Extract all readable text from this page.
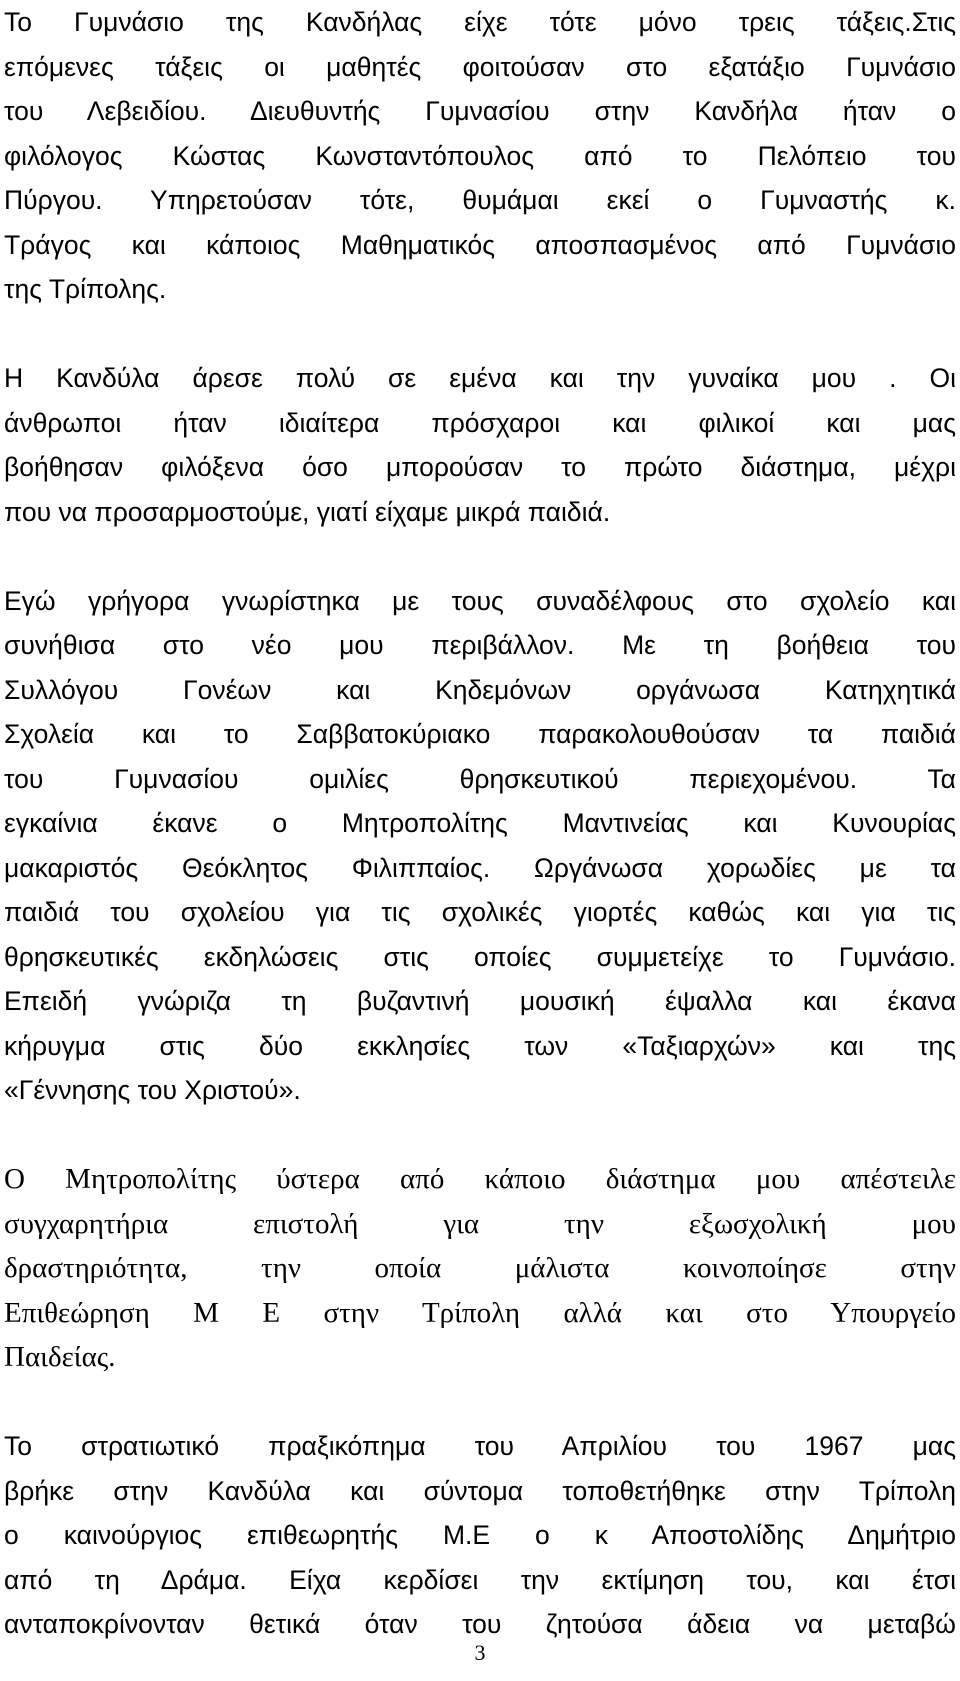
Το Γυμνάσιο της Κανδήλας είχε τότε μόνο τρεις τάξεις.Στις
επόμενες τάξεις οι μαθητές φοιτούσαν στο εξατάξιο Γυμνάσιο
του Λεβειδίου. Διευθυντής Γυμνασίου στην Κανδήλα ήταν ο
φιλόλογος Κώστας Κωνσταντόπουλος από το Πελόπειο του
Πύργου. Υπηρετούσαν τότε, θυμάμαι εκεί ο Γυμναστής κ.
Τράγος και κάποιος Μαθηματικός αποσπασμένος από Γυμνάσιο
της Τρίπολης.
Η Κανδύλα άρεσε πολύ σε εμένα και την γυναίκα μου . Οι
άνθρωποι ήταν ιδιαίτερα πρόσχαροι και φιλικοί και μας
βοήθησαν φιλόξενα όσο μπορούσαν το πρώτο διάστημα, μέχρι
που να προσαρμοστούμε, γιατί είχαμε μικρά παιδιά.
Εγώ γρήγορα γνωρίστηκα με τους συναδέλφους στο σχολείο και
συνήθισα στο νέο μου περιβάλλον. Με τη βοήθεια του
Συλλόγου Γονέων και Κηδεμόνων οργάνωσα Κατηχητικά
Σχολεία και το Σαββατοκύριακο παρακολουθούσαν τα παιδιά
του Γυμνασίου ομιλίες θρησκευτικού περιεχομένου. Τα
εγκαίνια έκανε ο Μητροπολίτης Μαντινείας και Κυνουρίας
μακαριστός Θεόκλητος Φιλιππαίος. Ωργάνωσα χορωδίες με τα
παιδιά του σχολείου για τις σχολικές γιορτές καθώς και για τις
θρησκευτικές εκδηλώσεις στις οποίες συμμετείχε το Γυμνάσιο.
Επειδή γνώριζα τη βυζαντινή μουσική έψαλλα και έκανα
κήρυγμα στις δύο εκκλησίες των «Ταξιαρχών» και της
«Γέννησης του Χριστού».
Ο Μητροπολίτης ύστερα από κάποιο διάστημα μου απέστειλε
συγχαρητήρια επιστολή για την εξωσχολική μου
δραστηριότητα, την οποία μάλιστα κοινοποίησε στην
Επιθεώρηση Μ Ε στην Τρίπολη αλλά και στο Υπουργείο
Παιδείας.
Το στρατιωτικό πραξικόπημα του Απριλίου του 1967 μας
βρήκε στην Κανδύλα και σύντομα τοποθετήθηκε στην Τρίπολη
ο καινούργιος επιθεωρητής Μ.Ε ο κ Αποστολίδης Δημήτριο
από τη Δράμα. Είχα κερδίσει την εκτίμηση του, και έτσι
ανταποκρίνονταν θετικά όταν του ζητούσα άδεια να μεταβώ
3
